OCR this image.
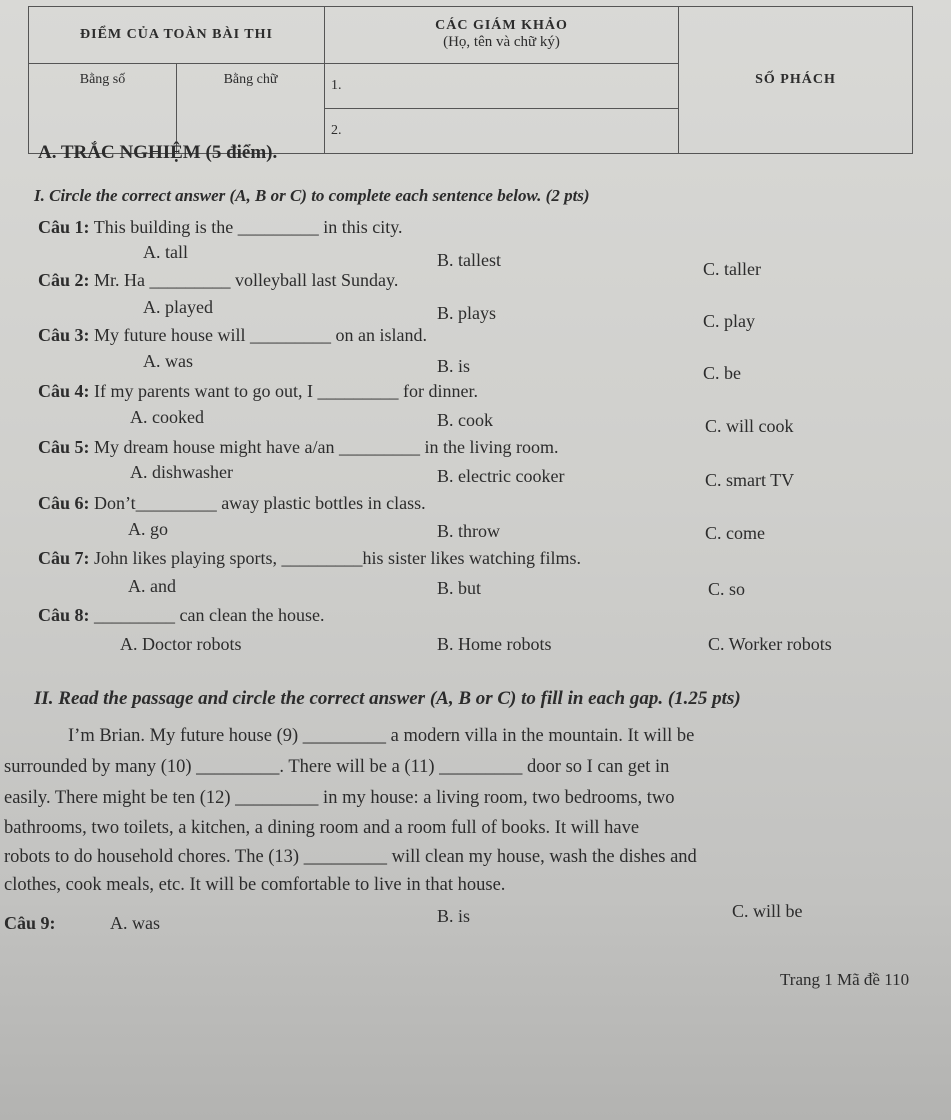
ĐIỂM CỦA TOÀN BÀI THI		CÁC GIÁM KHẢO
(Họ, tên và chữ ký)	SỐ PHÁCH
Bằng số	Bằng chữ	1.	
		2.	
A. TRẮC NGHIỆM (5 điểm).
I. Circle the correct answer (A, B or C) to complete each sentence below. (2 pts)
Câu 1: This building is the _________ in this city.
A. tall	B. tallest	C. taller
Câu 2: Mr. Ha _________ volleyball last Sunday.
A. played	B. plays	C. play
Câu 3: My future house will _________ on an island.
A. was	B. is	C. be
Câu 4: If my parents want to go out, I _________ for dinner.
A. cooked	B. cook	C. will cook
Câu 5: My dream house might have a/an _________ in the living room.
A. dishwasher	B. electric cooker	C. smart TV
Câu 6: Don’t_________ away plastic bottles in class.
A. go	B. throw	C. come
Câu 7: John likes playing sports, _________his sister likes watching films.
A. and	B. but	C. so
Câu 8: _________ can clean the house.
A. Doctor robots	B. Home robots	C. Worker robots
II. Read the passage and circle the correct answer (A, B or C) to fill in each gap. (1.25 pts)
I’m Brian. My future house (9) _________ a modern villa in the mountain. It will be
surrounded by many (10) _________. There will be a (11) _________ door so I can get in
easily. There might be ten (12) _________ in my house: a living room, two bedrooms, two
bathrooms, two toilets, a kitchen, a dining room and a room full of books. It will have
robots to do household chores. The (13) _________ will clean my house, wash the dishes and
clothes, cook meals, etc. It will be comfortable to live in that house.
Câu 9:	A. was	B. is	C. will be
Trang 1 Mã đề 110
